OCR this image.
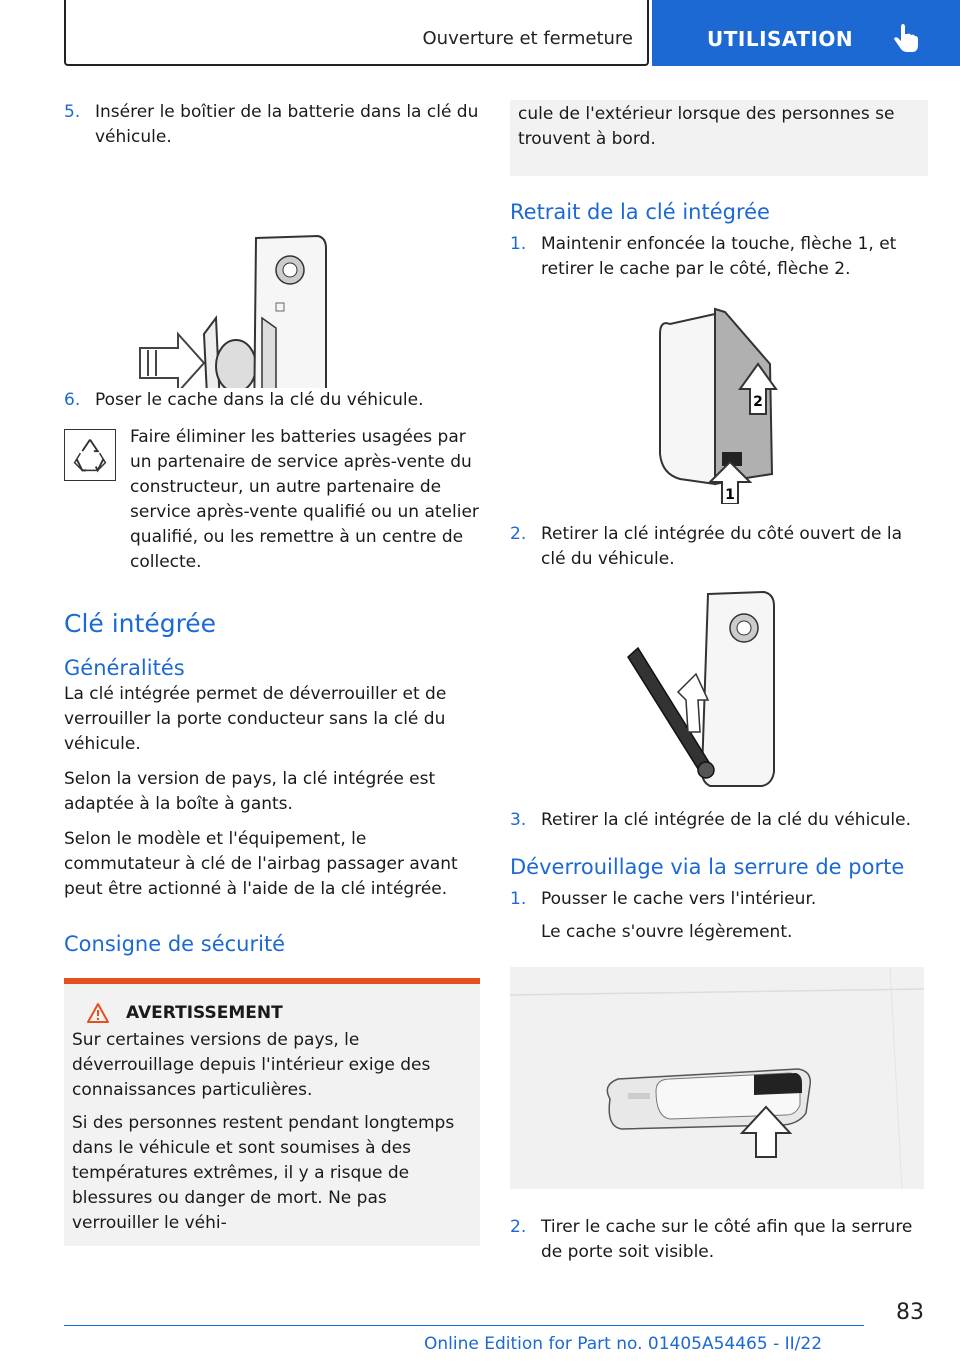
Ouverture et fermeture	UTILISATION
5. Insérer le boîtier de la batterie dans la clé du véhicule.
6. Poser le cache dans la clé du véhicule.

Faire éliminer les batteries usagées par un partenaire de service après-vente du constructeur, un autre partenaire de service après-vente qualifié ou un atelier qualifié, ou les remettre à un centre de collecte.

Clé intégrée
Généralités

La clé intégrée permet de déverrouiller et de verrouiller la porte conducteur sans la clé du véhicule.

Selon la version de pays, la clé intégrée est adaptée à la boîte à gants.

Selon le modèle et l'équipement, le commutateur à clé de l'airbag passager avant peut être actionné à l'aide de la clé intégrée.

Consigne de sécurité
AVERTISSEMENT

Sur certaines versions de pays, le déverrouillage depuis l'intérieur exige des connaissances particulières.

Si des personnes restent pendant longtemps dans le véhicule et sont soumises à des températures extrêmes, il y a risque de blessures ou danger de mort. Ne pas verrouiller le véhi-

cule de l'extérieur lorsque des personnes se trouvent à bord.
Retrait de la clé intégrée
1. Maintenir enfoncée la touche, flèche 1, et retirer le cache par le côté, flèche 2.
2
1
2. Retirer la clé intégrée du côté ouvert de la clé du véhicule.
3. Retirer la clé intégrée de la clé du véhicule.
Déverrouillage via la serrure de porte
1. Pousser le cache vers l'intérieur.
Le cache s'ouvre légèrement.
2. Tirer le cache sur le côté afin que la serrure de porte soit visible.
83
Online Edition for Part no. 01405A54465 - II/22
